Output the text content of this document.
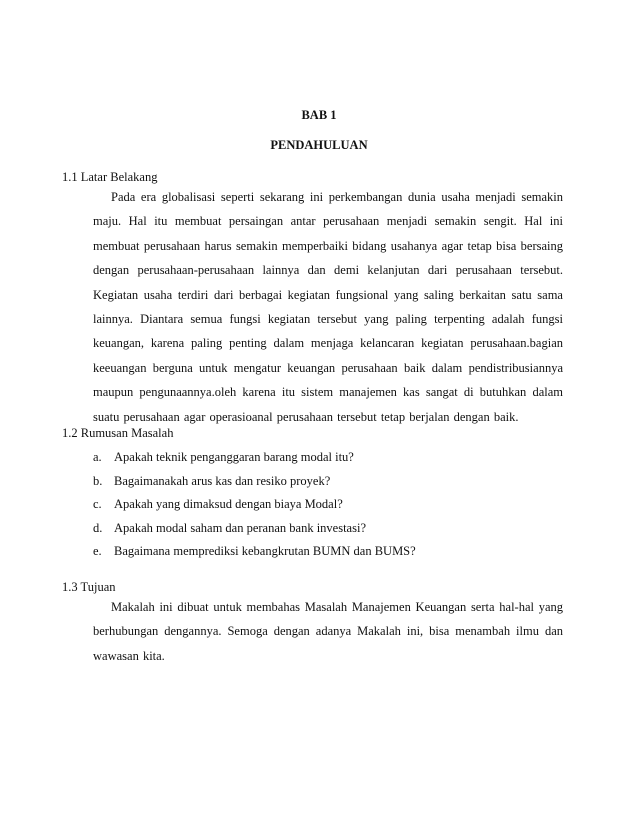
BAB 1
PENDAHULUAN
1.1 Latar Belakang

Pada era globalisasi seperti sekarang ini perkembangan dunia usaha menjadi semakin maju. Hal itu membuat persaingan antar perusahaan menjadi semakin sengit. Hal ini membuat perusahaan harus semakin memperbaiki bidang usahanya agar tetap bisa bersaing dengan perusahaan-perusahaan lainnya dan demi kelanjutan dari perusahaan tersebut. Kegiatan usaha terdiri dari berbagai kegiatan fungsional yang saling berkaitan satu sama lainnya. Diantara semua fungsi kegiatan tersebut yang paling terpenting adalah fungsi keuangan, karena paling penting dalam menjaga kelancaran kegiatan perusahaan.bagian keeuangan berguna untuk mengatur keuangan perusahaan baik dalam pendistribusiannya maupun pengunaannya.oleh karena itu sistem manajemen kas sangat di butuhkan dalam suatu perusahaan agar operasioanal perusahaan tersebut tetap berjalan dengan baik.

1.2 Rumusan Masalah
a. Apakah teknik penganggaran barang modal itu?
b. Bagaimanakah arus kas dan resiko proyek?
c. Apakah yang dimaksud dengan biaya Modal?
d. Apakah modal saham dan peranan bank investasi?
e. Bagaimana memprediksi kebangkrutan BUMN dan BUMS?
1.3 Tujuan

Makalah ini dibuat untuk membahas Masalah Manajemen Keuangan serta hal-hal yang berhubungan dengannya. Semoga dengan adanya Makalah ini, bisa menambah ilmu dan wawasan kita.
